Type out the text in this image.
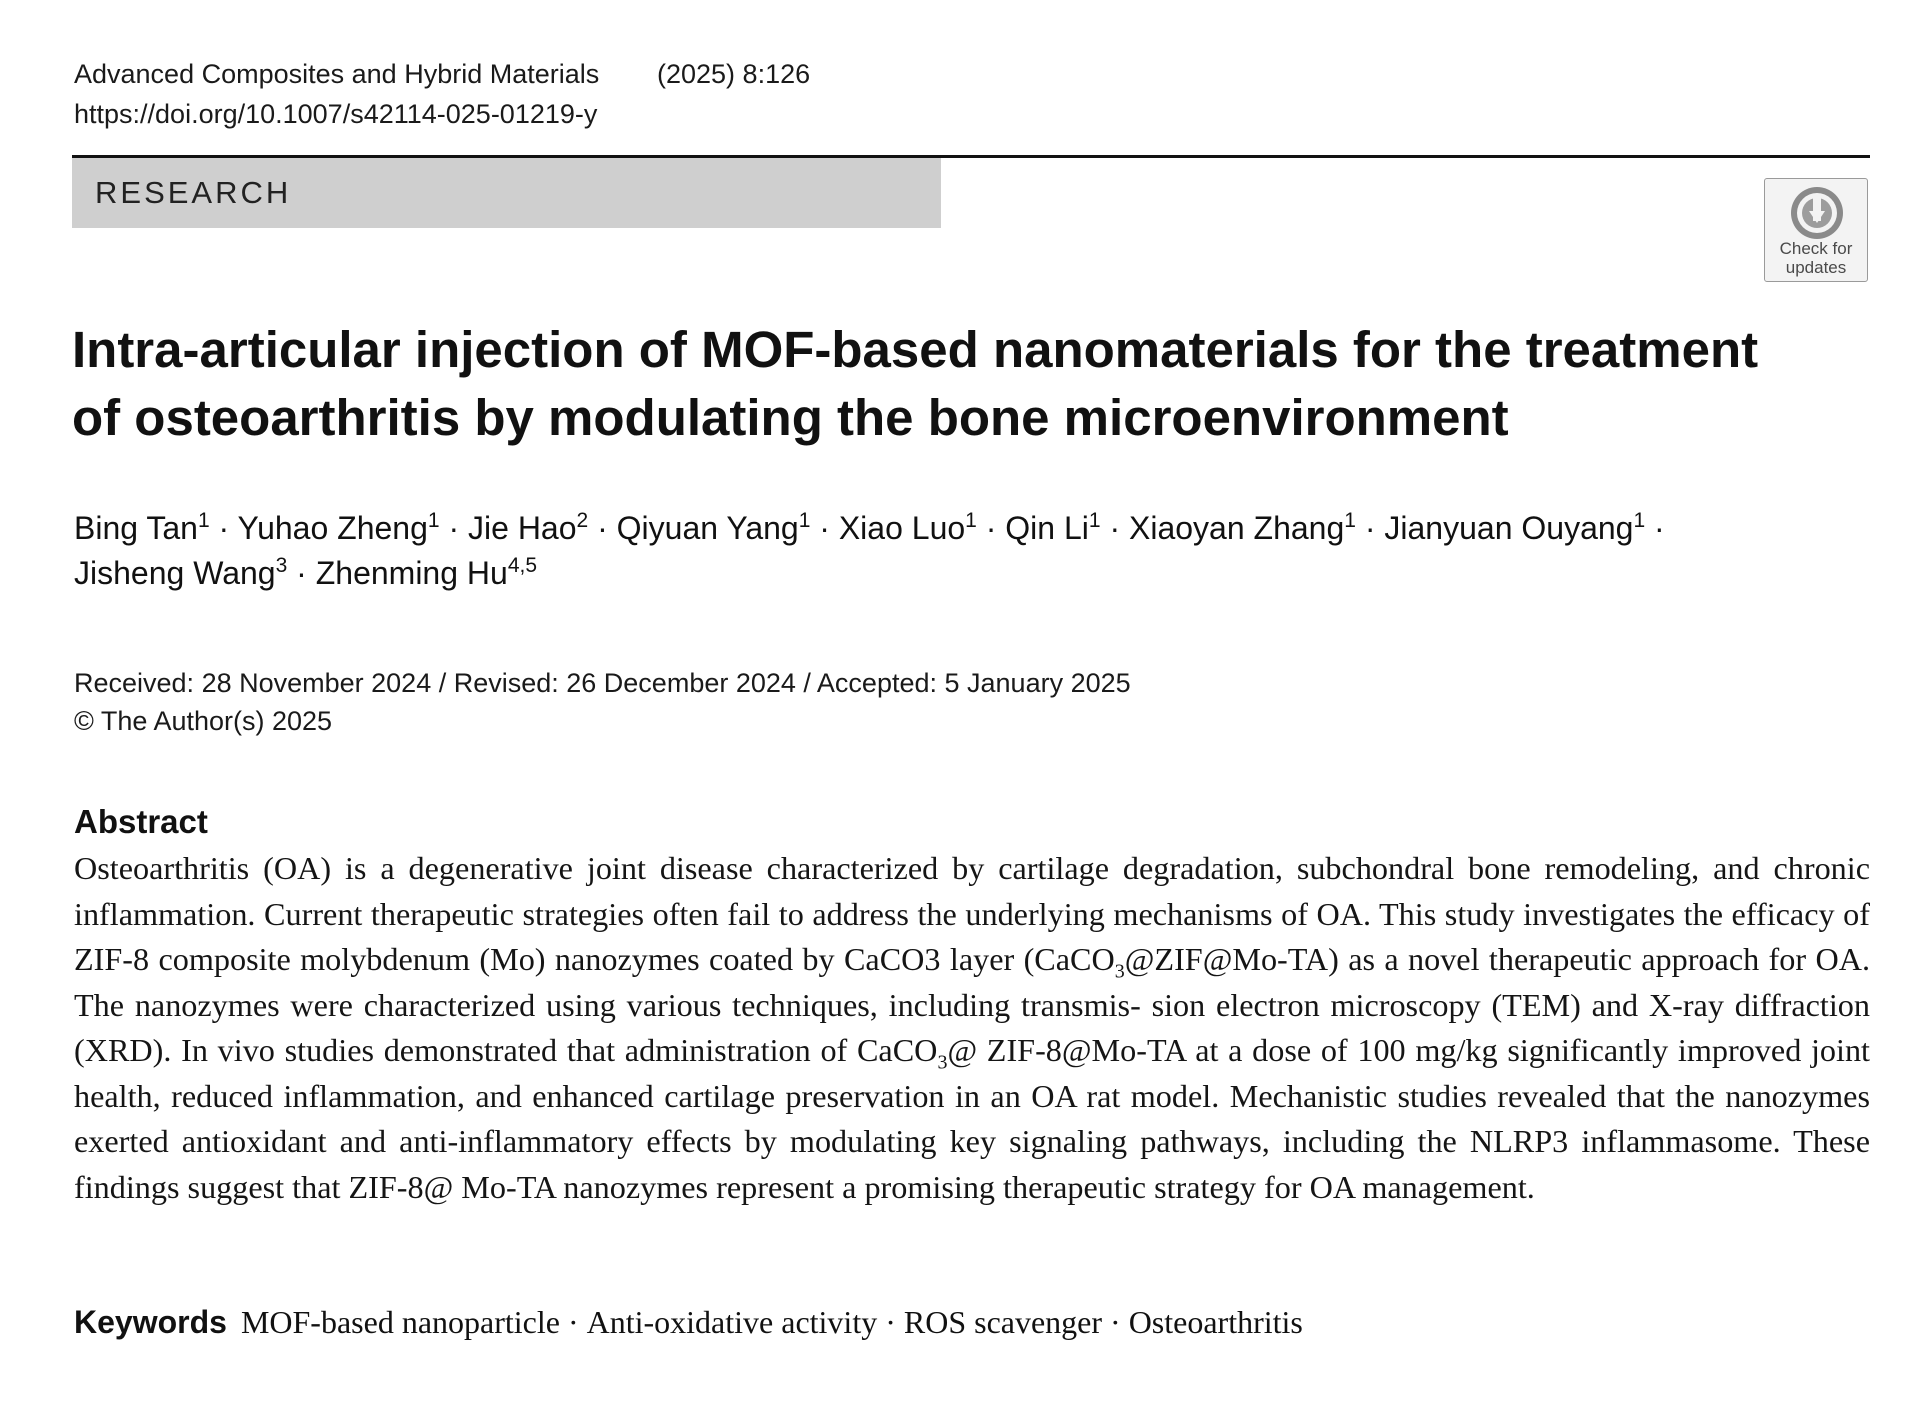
Advanced Composites and Hybrid Materials	(2025) 8:126
https://doi.org/10.1007/s42114-025-01219-y
RESEARCH
Check for
updates
Intra-articular injection of MOF-based nanomaterials for the treatment
of osteoarthritis by modulating the bone microenvironment
Bing Tan$^1$ · Yuhao Zheng$^1$ · Jie Hao$^2$ · Qiyuan Yang$^1$ · Xiao Luo$^1$ · Qin $Li^1$ · Xiaoyan Zhang$^1$ · Jianyuan Ouyang$^1$ ·
Jisheng Wang$^3$ · Zhenming Hu$^{4,5}$
Received: 28 November 2024 / Revised: 26 December 2024 / Accepted: 5 January 2025
© The Author(s) 2025
Abstract

Osteoarthritis (OA) is a degenerative joint disease characterized by cartilage degradation, subchondral bone remodeling, and chronic inflammation. Current therapeutic strategies often fail to address the underlying mechanisms of OA. This study investigates the efficacy of ZIF-8 composite molybdenum (Mo) nanozymes coated by CaCO3 layer (CaCO$_3$@ZIF@Mo-TA) as a novel therapeutic approach for OA. The nanozymes were characterized using various techniques, including transmis- sion electron microscopy (TEM) and X-ray diffraction (XRD). In vivo studies demonstrated that administration of CaCO$_3$@ ZIF-8@Mo-TA at a dose of 100 mg/kg significantly improved joint health, reduced inflammation, and enhanced cartilage preservation in an OA rat model. Mechanistic studies revealed that the nanozymes exerted antioxidant and anti-inflammatory effects by modulating key signaling pathways, including the NLRP3 inflammasome. These findings suggest that ZIF-8@ Mo-TA nanozymes represent a promising therapeutic strategy for OA management.

Keywords MOF-based nanoparticle · Anti-oxidative activity · ROS scavenger · Osteoarthritis
